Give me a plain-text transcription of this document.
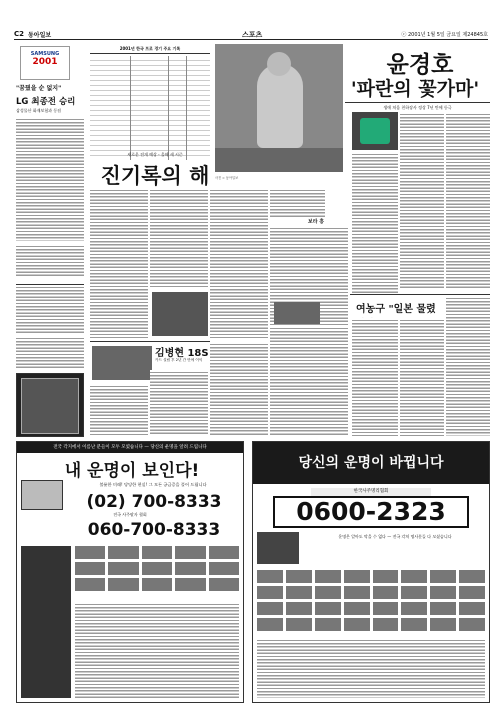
C2 동아일보	스포츠	ⓒ 2001년 1월 5일 금요일 제24845호
SAMSUNG
2001
"꿈꿨을 순 없지"
LG 최종전 승리
삼성물산 화재보험과 동점
2001년 한국 프로 경기 주요 기록
사진 = 동아일보
새로운 전개 예상 - 올해 새 시즌
진기록의 해
김병현 18S
카드 설립 후 2년 간 만에 이익
보라 흥
윤경호
'파란의 꽃가마'
생애 처음 천하장사 정상 7년 만에 등극
여농구 "일본 물렸
전국 각지에서 이름난 분들이 모두 모였습니다 — 당신의 운명을 알려 드립니다
내 운명이 보인다!
볼륜한 미래! 당당한 현실! 그 모든 궁금증을 풀어 드립니다
(02) 700-8333
전국 사주팔자 협회
060-700-8333
당신의 운명이 바뀝니다
한국사주명리협회
0600-2323
운명은 알아도 막을 수 없다 — 전국 각처 명사분들 다 모셨습니다
